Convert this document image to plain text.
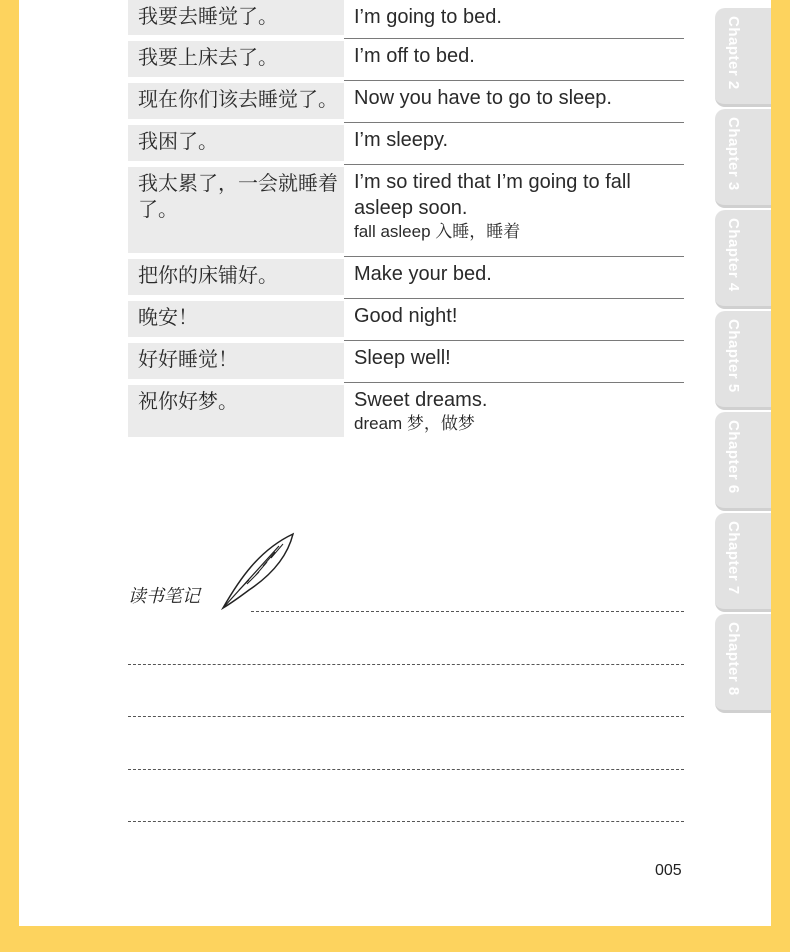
我要去睡觉了。	I’m going to bed.
我要上床去了。	I’m off to bed.
现在你们该去睡觉了。	Now you have to go to sleep.
我困了。	I’m sleepy.
我太累了，一会就睡着了。	I’m so tired that I’m going to fall asleep soon.
fall asleep 入睡，睡着

把你的床铺好。	Make your bed.
晚安！	Good night!
好好睡觉！	Sleep well!
祝你好梦。	Sweet dreams.
dream 梦，做梦
读书笔记
005
Chapter 2
Chapter 3
Chapter 4
Chapter 5
Chapter 6
Chapter 7
Chapter 8
